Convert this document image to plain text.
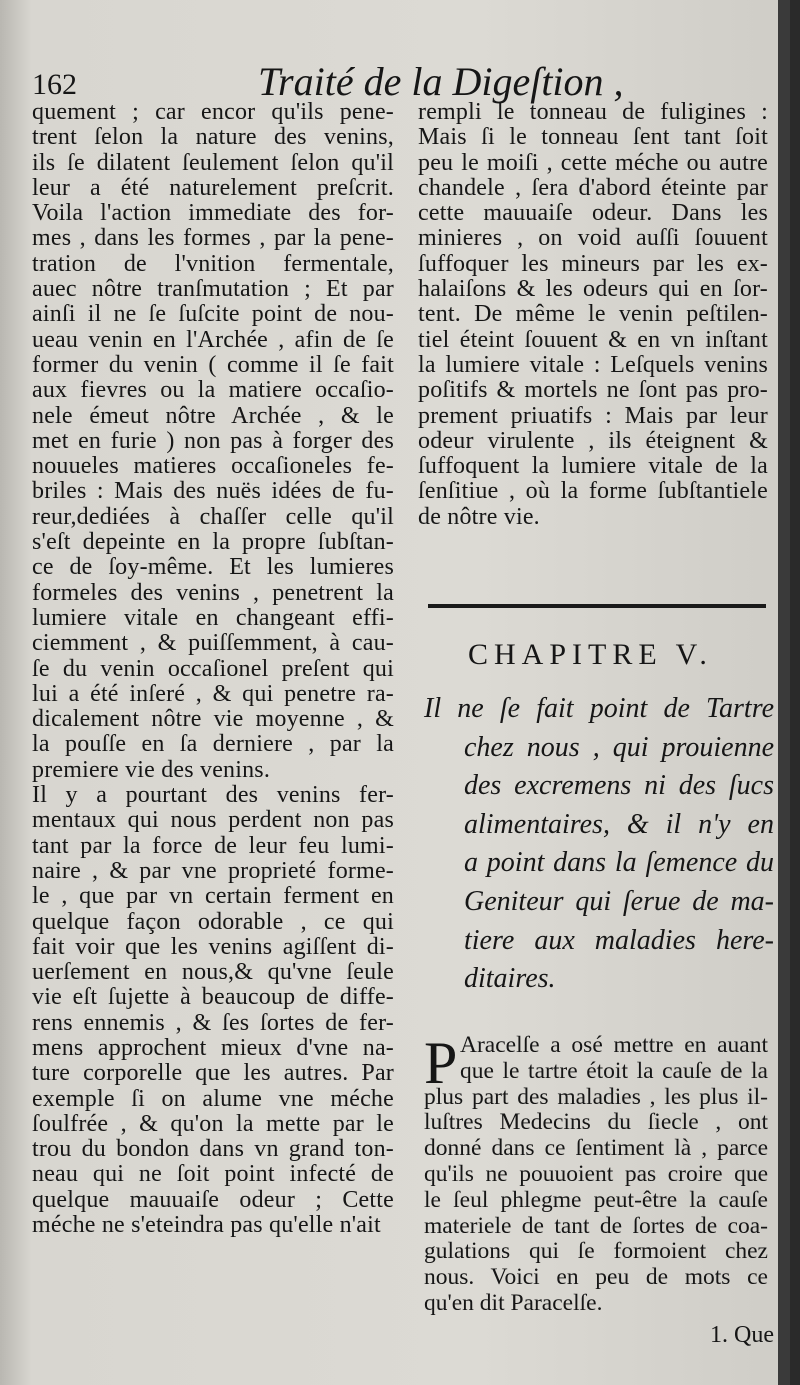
162	Traité de la Digeſtion ,
quement ; car encor qu'ils pene-
trent ſelon la nature des venins,
ils ſe dilatent ſeulement ſelon qu'il
leur a été naturelement preſcrit.
Voila l'action immediate des for-
mes , dans les formes , par la pene-
tration de l'vnition fermentale,
auec nôtre tranſmutation ; Et par
ainſi il ne ſe ſuſcite point de nou-
ueau venin en l'Archée , afin de ſe
former du venin ( comme il ſe fait
aux fievres ou la matiere occaſio-
nele émeut nôtre Archée , & le
met en furie ) non pas à forger des
nouueles matieres occaſioneles fe-
briles : Mais des nuës idées de fu-
reur,dediées à chaſſer celle qu'il
s'eſt depeinte en la propre ſubſtan-
ce de ſoy-même. Et les lumieres
formeles des venins , penetrent la
lumiere vitale en changeant effi-
ciemment , & puiſſemment, à cau-
ſe du venin occaſionel preſent qui
lui a été inſeré , & qui penetre ra-
dicalement nôtre vie moyenne , &
la pouſſe en ſa derniere , par la
premiere vie des venins.
Il y a pourtant des venins fer-
mentaux qui nous perdent non pas
tant par la force de leur feu lumi-
naire , & par vne proprieté forme-
le , que par vn certain ferment en
quelque façon odorable , ce qui
fait voir que les venins agiſſent di-
uerſement en nous,& qu'vne ſeule
vie eſt ſujette à beaucoup de diffe-
rens ennemis , & ſes ſortes de fer-
mens approchent mieux d'vne na-
ture corporelle que les autres. Par
exemple ſi on alume vne méche
ſoulfrée , & qu'on la mette par le
trou du bondon dans vn grand ton-
neau qui ne ſoit point infecté de
quelque mauuaiſe odeur ; Cette
méche ne s'eteindra pas qu'elle n'ait
rempli le tonneau de fuligines :
Mais ſi le tonneau ſent tant ſoit
peu le moiſi , cette méche ou autre
chandele , ſera d'abord éteinte par
cette mauuaiſe odeur. Dans les
minieres , on void auſſi ſouuent
ſuffoquer les mineurs par les ex-
halaiſons & les odeurs qui en ſor-
tent. De même le venin peſtilen-
tiel éteint ſouuent & en vn inſtant
la lumiere vitale : Leſquels venins
poſitifs & mortels ne ſont pas pro-
prement priuatifs : Mais par leur
odeur virulente , ils éteignent &
ſuffoquent la lumiere vitale de la
ſenſitiue , où la forme ſubſtantiele
de nôtre vie.
CHAPITRE V.
Il ne ſe fait point de Tartre
chez nous , qui prouienne
des excremens ni des ſucs
alimentaires, & il n'y en
a point dans la ſemence du
Geniteur qui ſerue de ma-
tiere aux maladies here-
ditaires.
P Aracelſe a osé mettre en auant
que le tartre étoit la cauſe de la
plus part des maladies , les plus il-
luſtres Medecins du ſiecle , ont
donné dans ce ſentiment là , parce
qu'ils ne pouuoient pas croire que
le ſeul phlegme peut-être la cauſe
materiele de tant de ſortes de coa-
gulations qui ſe formoient chez
nous. Voici en peu de mots ce
qu'en dit Paracelſe.
1. Que
